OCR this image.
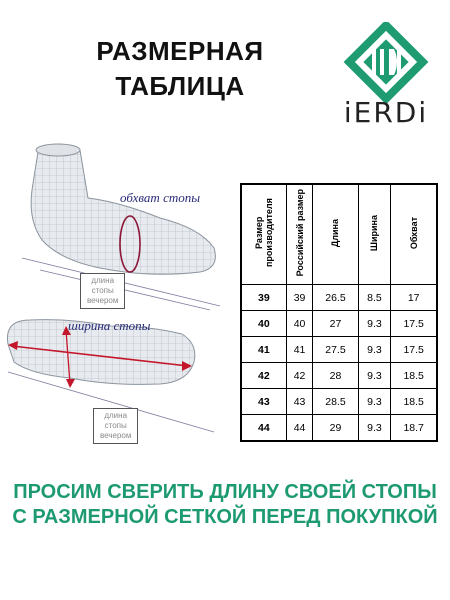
РАЗМЕРНАЯ
ТАБЛИЦА
iERDi
обхват стопы
ширина стопы
длина
стопы
вечером
длина
стопы
вечером
Размер производителя	Российский размер	Длина	Ширина	Обхват
39	39	26.5	8.5	17
40	40	27	9.3	17.5
41	41	27.5	9.3	17.5
42	42	28	9.3	18.5
43	43	28.5	9.3	18.5
44	44	29	9.3	18.7
ПРОСИМ СВЕРИТЬ ДЛИНУ СВОЕЙ СТОПЫ С РАЗМЕРНОЙ СЕТКОЙ ПЕРЕД ПОКУПКОЙ
